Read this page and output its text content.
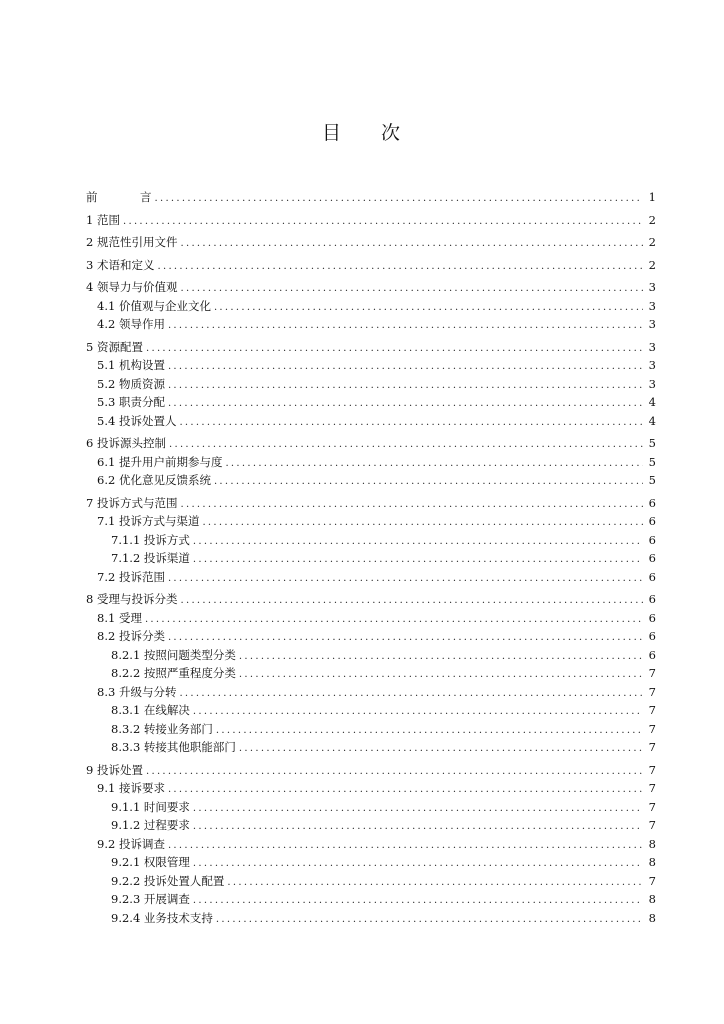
目 次
前	言 .....	1
1 范围 .....	2
2 规范性引用文件 .....	2
3 术语和定义 .....	2
4 领导力与价值观 .....	3
4.1 价值观与企业文化 .....	3
4.2 领导作用 .....	3
5 资源配置 .....	3
5.1 机构设置 .....	3
5.2 物质资源 .....	3
5.3 职责分配 .....	4
5.4 投诉处置人 .....	4
6 投诉源头控制 .....	5
6.1 提升用户前期参与度 .....	5
6.2 优化意见反馈系统 .....	5
7 投诉方式与范围 .....	6
7.1 投诉方式与渠道 .....	6
7.1.1 投诉方式 .....	6
7.1.2 投诉渠道 .....	6
7.2 投诉范围 .....	6
8 受理与投诉分类 .....	6
8.1 受理 .....	6
8.2 投诉分类 .....	6
8.2.1 按照问题类型分类 .....	6
8.2.2 按照严重程度分类 .....	7
8.3 升级与分转 .....	7
8.3.1 在线解决 .....	7
8.3.2 转接业务部门 .....	7
8.3.3 转接其他职能部门 .....	7
9 投诉处置 .....	7
9.1 接诉要求 .....	7
9.1.1 时间要求 .....	7
9.1.2 过程要求 .....	7
9.2 投诉调查 .....	8
9.2.1 权限管理 .....	8
9.2.2 投诉处置人配置 .....	7
9.2.3 开展调查 .....	8
9.2.4 业务技术支持 .....	8
